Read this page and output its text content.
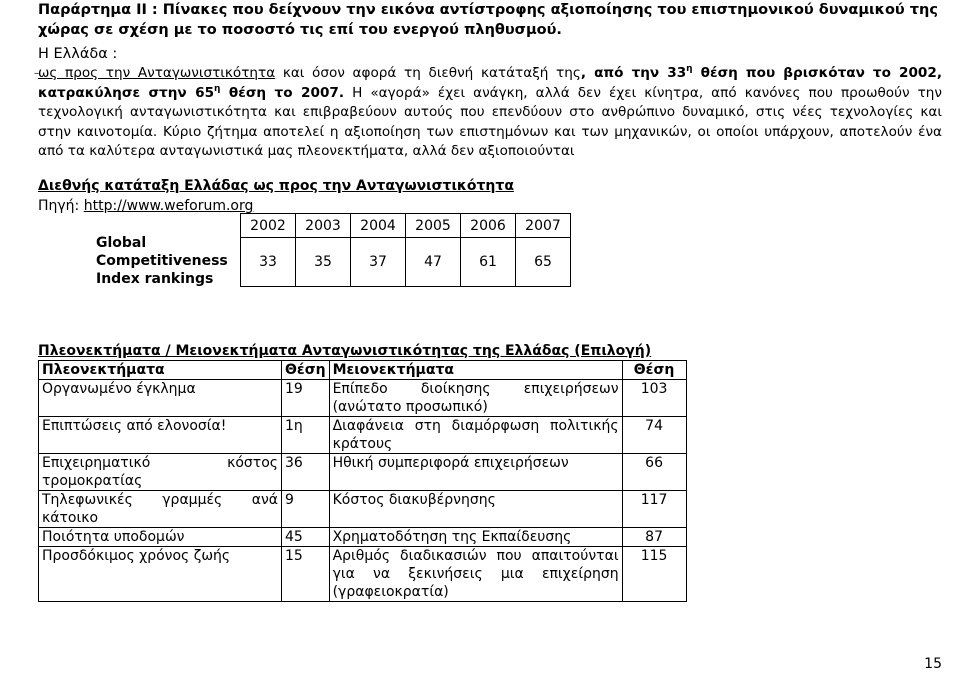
Παράρτημα ΙΙ : Πίνακες που δείχνουν την εικόνα αντίστροφης αξιοποίησης του επιστημονικού δυναμικού της χώρας σε σχέση με το ποσοστό τις επί του ενεργού πληθυσμού.
Η Ελλάδα :
– ως προς την Ανταγωνιστικότητα και όσον αφορά τη διεθνή κατάταξή της, από την $33^\eta$ θέση που βρισκόταν το 2002, κατρακύλησε στην $65^\eta$ θέση το 2007. Η «αγορά» έχει ανάγκη, αλλά δεν έχει κίνητρα, από κανόνες που προωθούν την τεχνολογική ανταγωνιστικότητα και επιβραβεύουν αυτούς που επενδύουν στο ανθρώπινο δυναμικό, στις νέες τεχνολογίες και στην καινοτομία. Κύριο ζήτημα αποτελεί η αξιοποίηση των επιστημόνων και των μηχανικών, οι οποίοι υπάρχουν, αποτελούν ένα από τα καλύτερα ανταγωνιστικά μας πλεονεκτήματα, αλλά δεν αξιοποιούνται
Διεθνής κατάταξη Ελλάδας ως προς την Ανταγωνιστικότητα
Πηγή: http://www.weforum.org
Global
Competitiveness
Index rankings
2002	2003	2004	2005	2006	2007
33	35	37	47	61	65
Πλεονεκτήματα / Μειονεκτήματα Ανταγωνιστικότητας της Ελλάδας (Επιλογή)
Πλεονεκτήματα	Θέση	Μειονεκτήματα	Θέση
Οργανωμένο έγκλημα	19	Επίπεδο διοίκησης επιχειρήσεων (ανώτατο προσωπικό)	103
Επιπτώσεις από ελονοσία!	1η	Διαφάνεια στη διαμόρφωση πολιτικής κράτους	74
Επιχειρηματικό κόστος τρομοκρατίας	36	Ηθική συμπεριφορά επιχειρήσεων	66
Τηλεφωνικές γραμμές ανά κάτοικο	9	Κόστος διακυβέρνησης	117
Ποιότητα υποδομών	45	Χρηματοδότηση της Εκπαίδευσης	87
Προσδόκιμος χρόνος ζωής	15	Αριθμός διαδικασιών που απαιτούνται για να ξεκινήσεις μια επιχείρηση (γραφειοκρατία)	115
15
